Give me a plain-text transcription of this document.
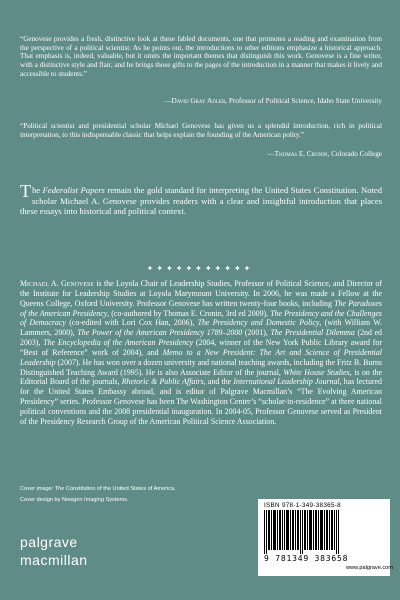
“Genovese provides a fresh, distinctive look at these fabled documents, one that promotes a reading and examination from the perspective of a political scientist. As he points out, the introductions to other editions emphasize a historical approach. That emphasis is, indeed, valuable, but it omits the important themes that distinguish this work. Genovese is a fine writer, with a distinctive style and flair, and he brings those gifts to the pages of the introduction in a manner that makes it lively and accessible to students.”
—David Gray Adler, Professor of Political Science, Idaho State University
“Political scientist and presidential scholar Michael Genovese has given us a splendid introduction, rich in political interpretation, to this indispensable classic that helps explain the founding of the American polity.”
—Thomas E. Cronin, Colorado College
The Federalist Papers remain the gold standard for interpreting the United States Constitution. Noted scholar Michael A. Genovese provides readers with a clear and insightful introduction that places these essays into historical and political context.
✦✦✦✦✦✦✦✦✦✦✦
Michael A. Genovese is the Loyola Chair of Leadership Studies, Professor of Political Science, and Director of the Institute for Leadership Studies at Loyola Marymount University. In 2006, he was made a Fellow at the Queens College, Oxford University. Professor Genovese has written twenty-four books, including The Paradoxes of the American Presidency, (co-authored by Thomas E. Cronin, 3rd ed 2009), The Presidency and the Challenges of Democracy (co-edited with Lori Cox Han, 2006), The Presidency and Domestic Policy, (with William W. Lammers, 2000), The Power of the American Presidency 1789–2000 (2001), The Presidential Dilemma (2nd ed 2003), The Encyclopedia of the American Presidency (2004, winner of the New York Public Library award for “Best of Reference” work of 2004), and Memo to a New President: The Art and Science of Presidential Leadership (2007). He has won over a dozen university and national teaching awards, including the Fritz B. Burns Distinguished Teaching Award (1995). He is also Associate Editor of the journal, White House Studies, is on the Editorial Board of the journals, Rhetoric & Public Affairs, and the International Leadership Journal, has lectured for the United States Embassy abroad, and is editor of Palgrave Macmillan’s “The Evolving American Presidency” series. Professor Genovese has been The Washington Center’s “scholar-in-residence” at three national political conventions and the 2008 presidential inauguration. In 2004-05, Professor Genovese served as President of the Presidency Research Group of the American Political Science Association.
Cover image: The Constitution of the United States of America.
Cover design by Newgen Imaging Systems.
palgrave
macmillan
ISBN 978-1-349-38365-8
9 781349 383658
www.palgrave.com
